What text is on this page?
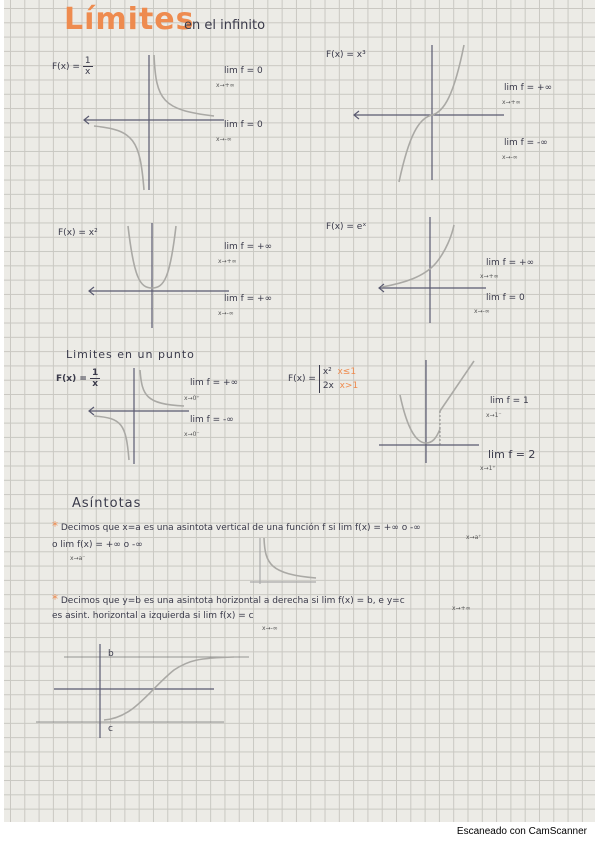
Límites
en el infinito
$F(x) = \frac{1}{x}$	lim f = 0
x→+∞
lim f = 0
x→-∞
F(x) = x³
lim f = +∞
x→+∞
lim f = -∞
x→-∞
F(x) = x²
lim f = +∞
x→+∞
lim f = +∞
x→-∞
F(x) = eˣ
lim f = +∞
x→+∞
lim f = 0
x→-∞
Limites en un punto
$F(x) = \frac{1}{x}$	lim f = +∞
x→0⁺
lim f = -∞
x→0⁻
F(x) =
x² x≤1
2x x>1
lim f = 1
x→1⁻
lim f = 2
x→1⁺
Asíntotas
* Decimos que x=a es una asintota vertical de una función f si lim f(x) = +∞ o -∞
x→a⁺
o lim f(x) = +∞ o -∞
x→a⁻
* Decimos que y=b es una asintota horizontal a derecha si lim f(x) = b, e y=c
x→+∞
es asint. horizontal a izquierda si lim f(x) = c
x→-∞
b
c
Escaneado con CamScanner
